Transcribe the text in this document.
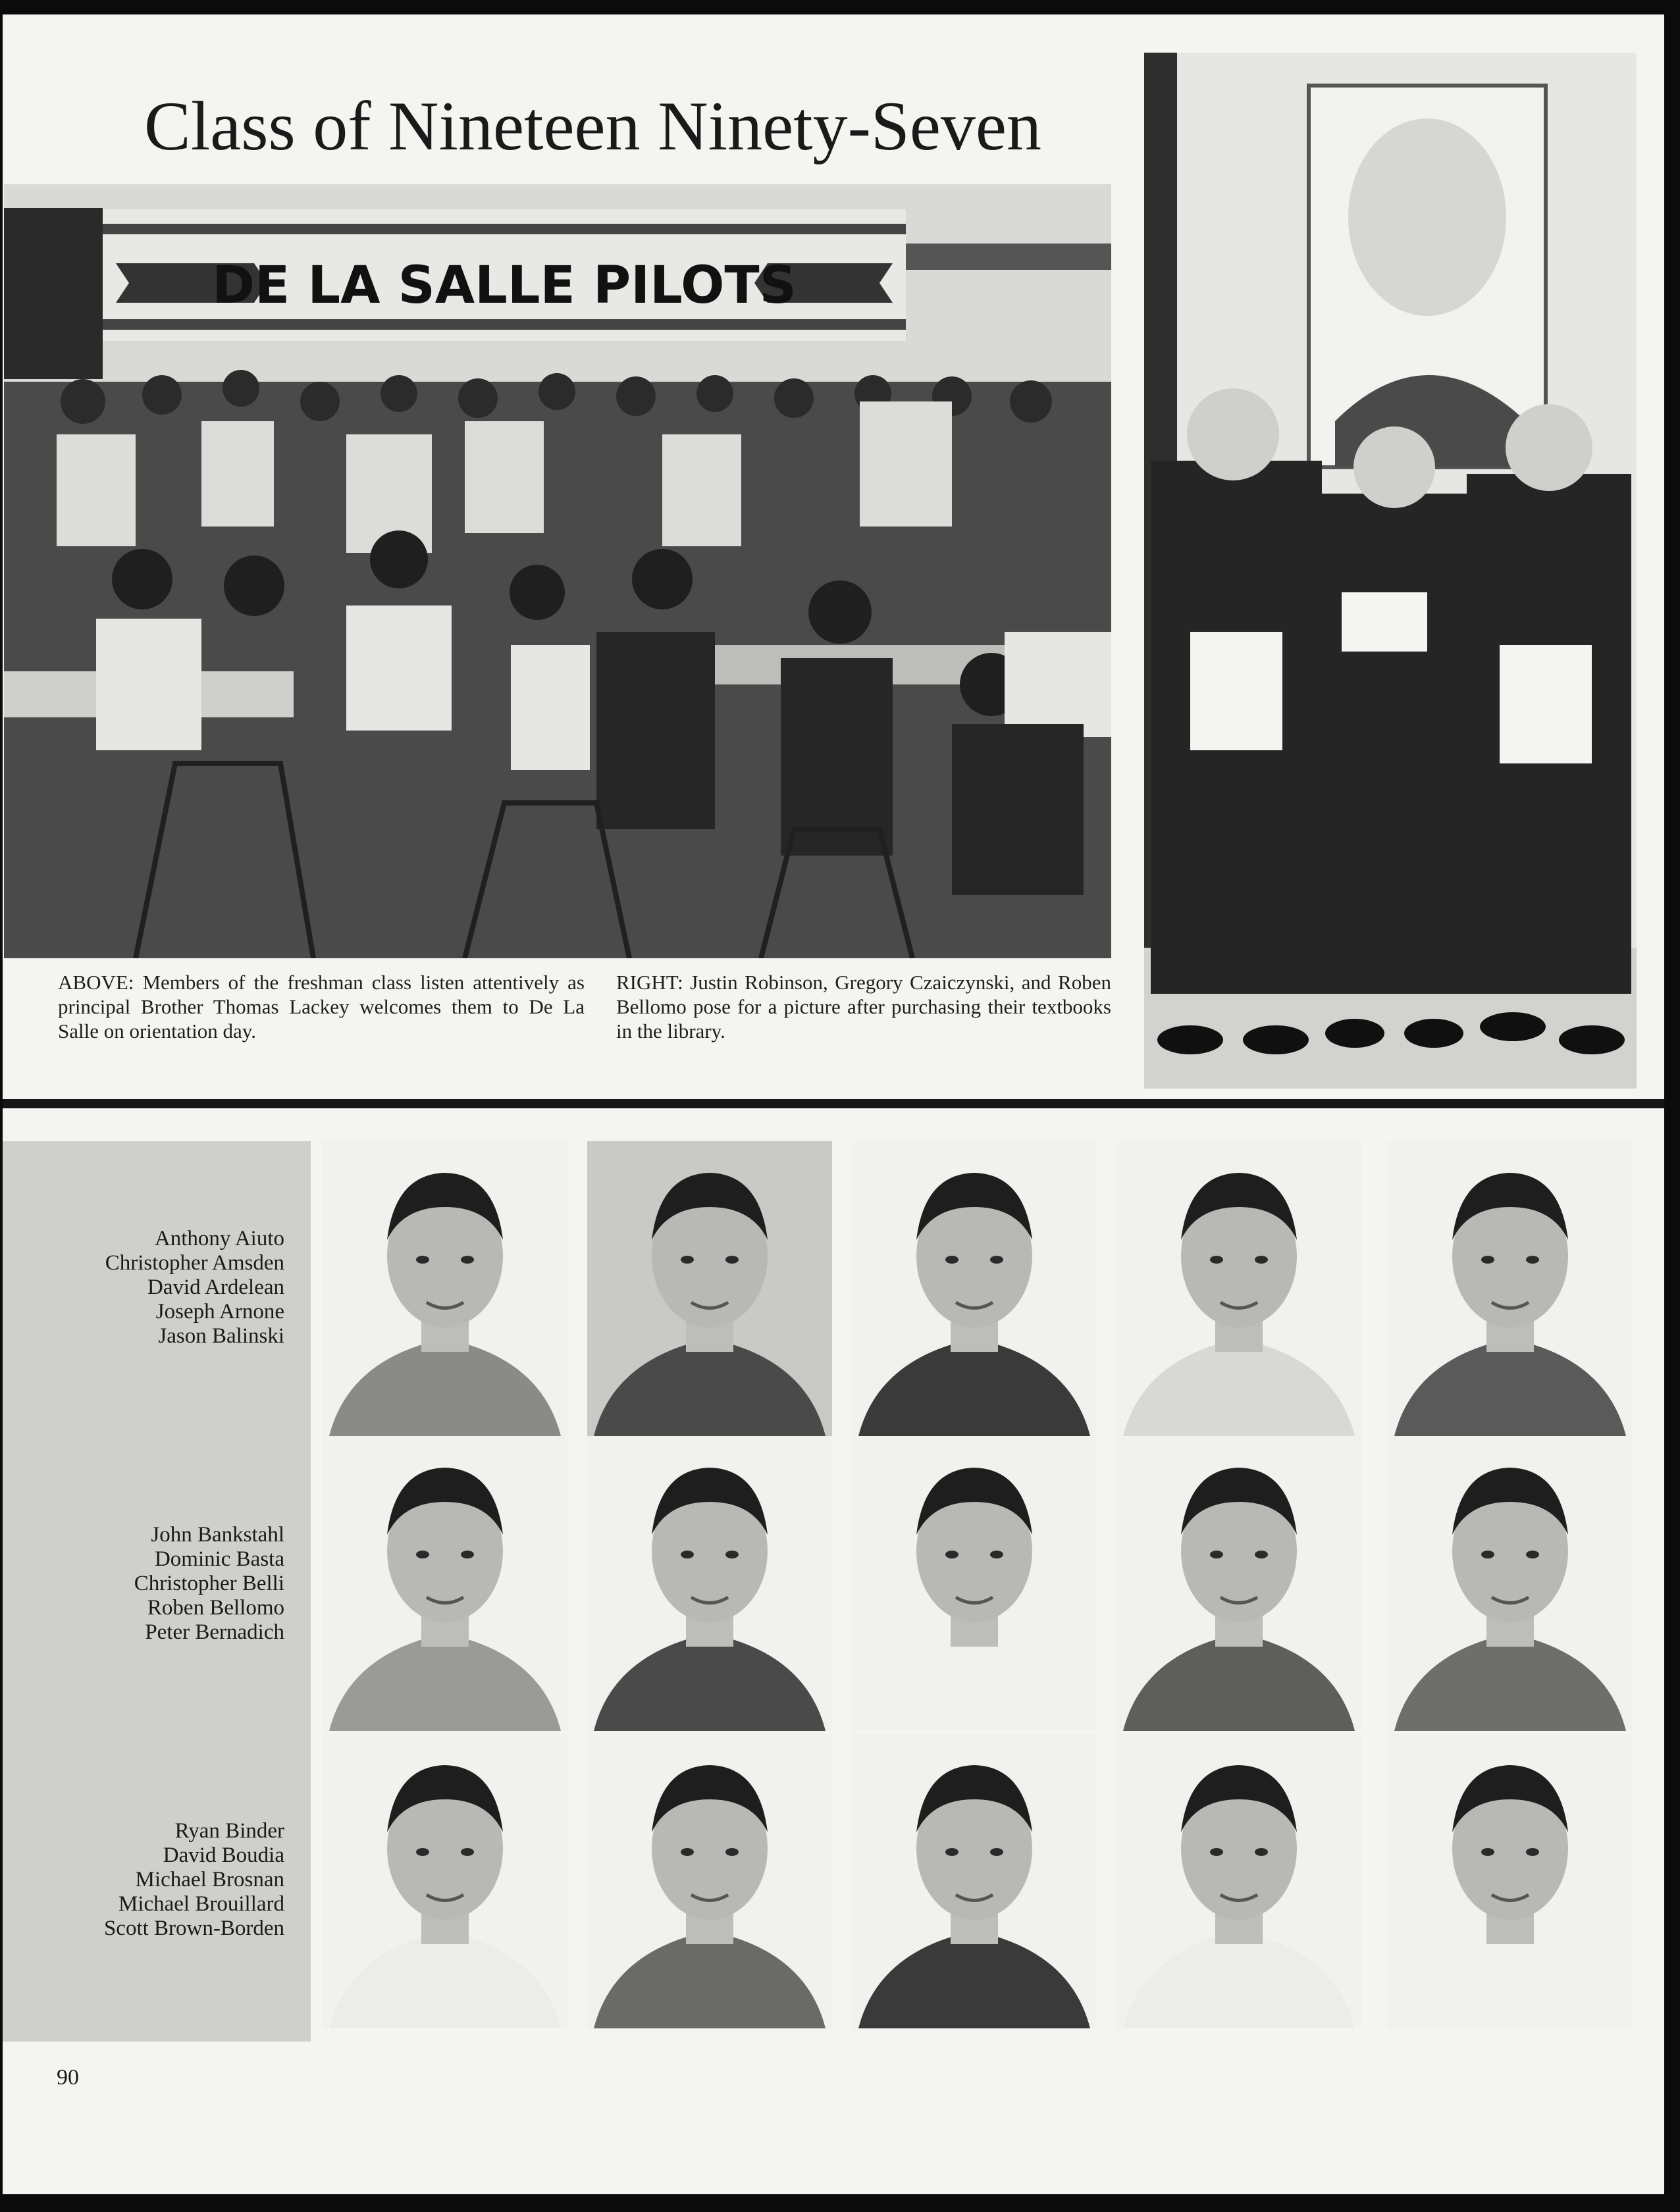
Class of Nineteen Ninety-Seven
DE LA SALLE PILOTS

ABOVE: Members of the freshman class listen attentively as principal Brother Thomas Lackey welcomes them to De La Salle on orientation day.

RIGHT: Justin Robinson, Gregory Czaiczynski, and Roben Bellomo pose for a picture after purchasing their textbooks in the library.

Anthony Aiuto
Christopher Amsden
David Ardelean
Joseph Arnone
Jason Balinski
John Bankstahl
Dominic Basta
Christopher Belli
Roben Bellomo
Peter Bernadich
Ryan Binder
David Boudia
Michael Brosnan
Michael Brouillard
Scott Brown-Borden
90
